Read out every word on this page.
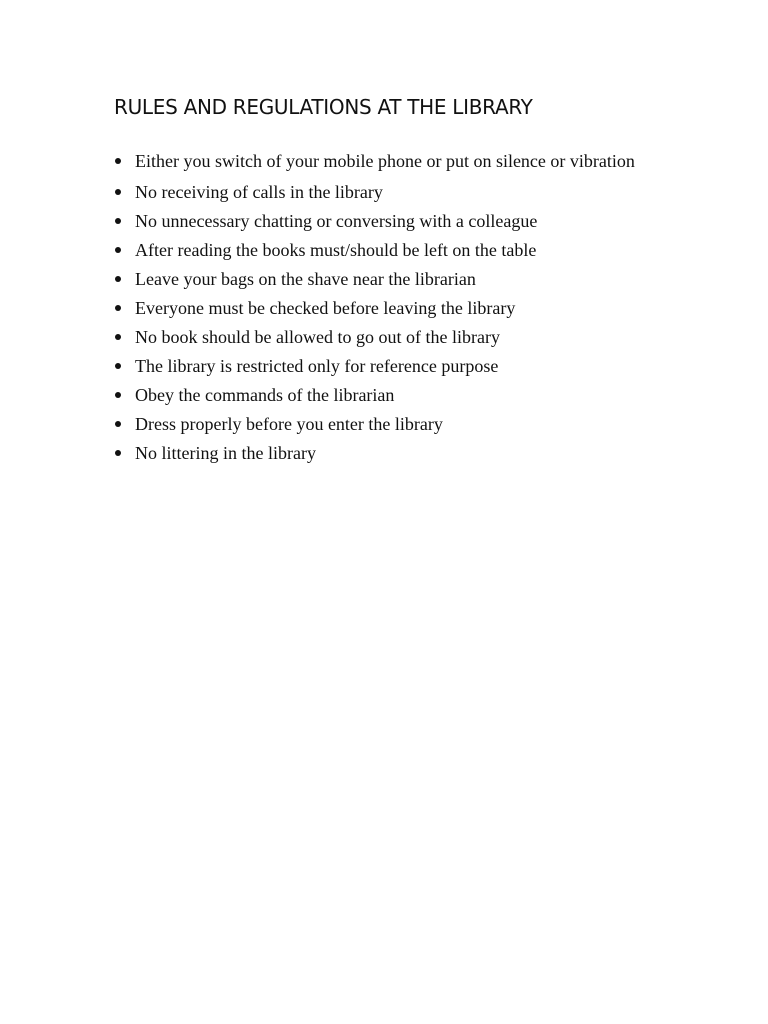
RULES AND REGULATIONS AT THE LIBRARY
Either you switch of your mobile phone or put on silence or vibration
No receiving of calls in the library
No unnecessary chatting or conversing with a colleague
After reading the books must/should be left on the table
Leave your bags on the shave near the librarian
Everyone must be checked before leaving the library
No book should be allowed to go out of the library
The library is restricted only for reference purpose
Obey the commands of the librarian
Dress properly before you enter the library
No littering in the library
